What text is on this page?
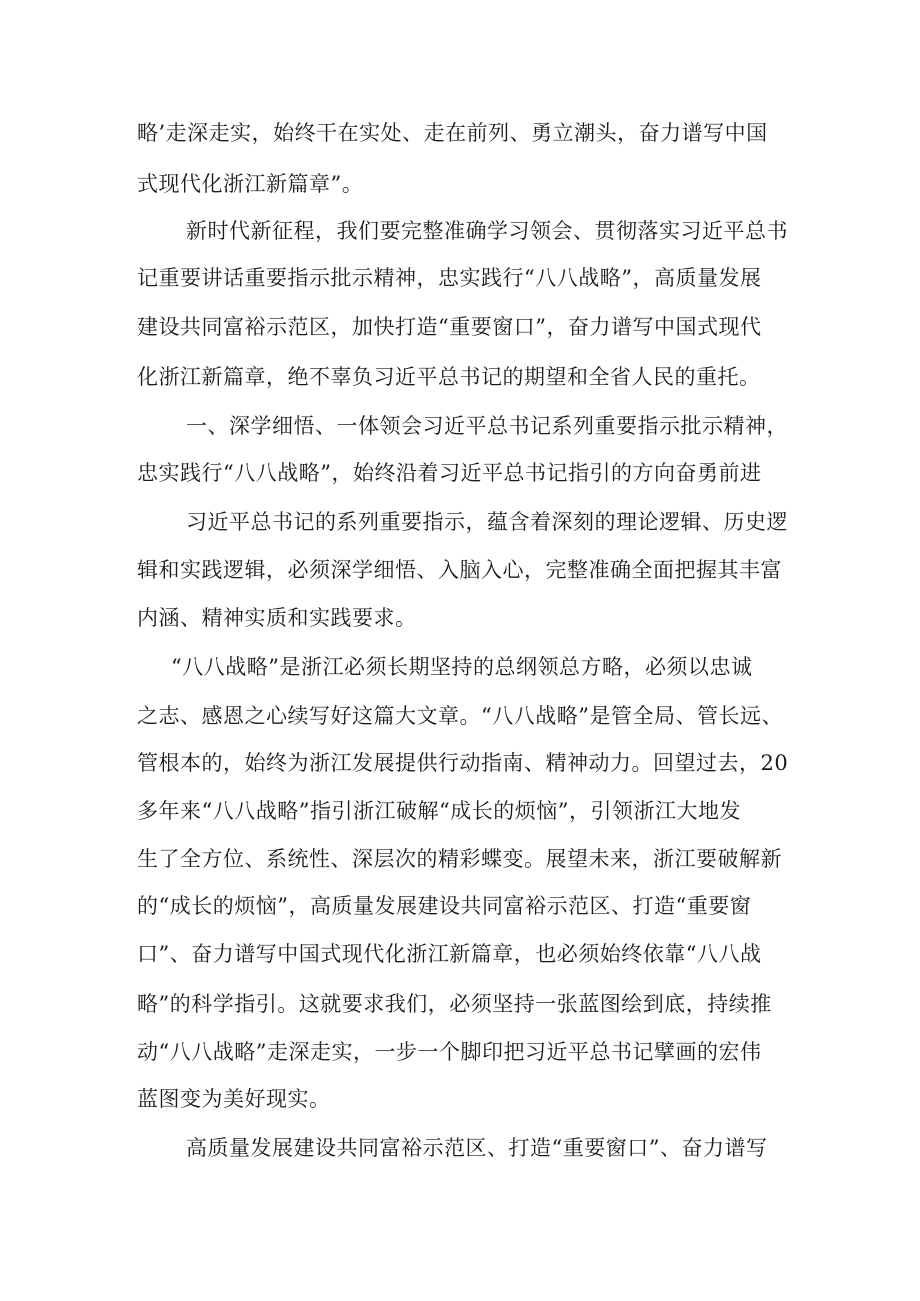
略’走深走实，始终干在实处、走在前列、勇立潮头，奋力谱写中国
式现代化浙江新篇章”。
新时代新征程，我们要完整准确学习领会、贯彻落实习近平总书
记重要讲话重要指示批示精神，忠实践行“八八战略”，高质量发展
建设共同富裕示范区，加快打造“重要窗口”，奋力谱写中国式现代
化浙江新篇章，绝不辜负习近平总书记的期望和全省人民的重托。
一、深学细悟、一体领会习近平总书记系列重要指示批示精神，
忠实践行“八八战略”，始终沿着习近平总书记指引的方向奋勇前进
习近平总书记的系列重要指示，蕴含着深刻的理论逻辑、历史逻
辑和实践逻辑，必须深学细悟、入脑入心，完整准确全面把握其丰富
内涵、精神实质和实践要求。
“八八战略”是浙江必须长期坚持的总纲领总方略，必须以忠诚
之志、感恩之心续写好这篇大文章。“八八战略”是管全局、管长远、
管根本的，始终为浙江发展提供行动指南、精神动力。回望过去，20
多年来“八八战略”指引浙江破解“成长的烦恼”，引领浙江大地发
生了全方位、系统性、深层次的精彩蝶变。展望未来，浙江要破解新
的“成长的烦恼”，高质量发展建设共同富裕示范区、打造“重要窗
口”、奋力谱写中国式现代化浙江新篇章，也必须始终依靠“八八战
略”的科学指引。这就要求我们，必须坚持一张蓝图绘到底，持续推
动“八八战略”走深走实，一步一个脚印把习近平总书记擘画的宏伟
蓝图变为美好现实。
高质量发展建设共同富裕示范区、打造“重要窗口”、奋力谱写
